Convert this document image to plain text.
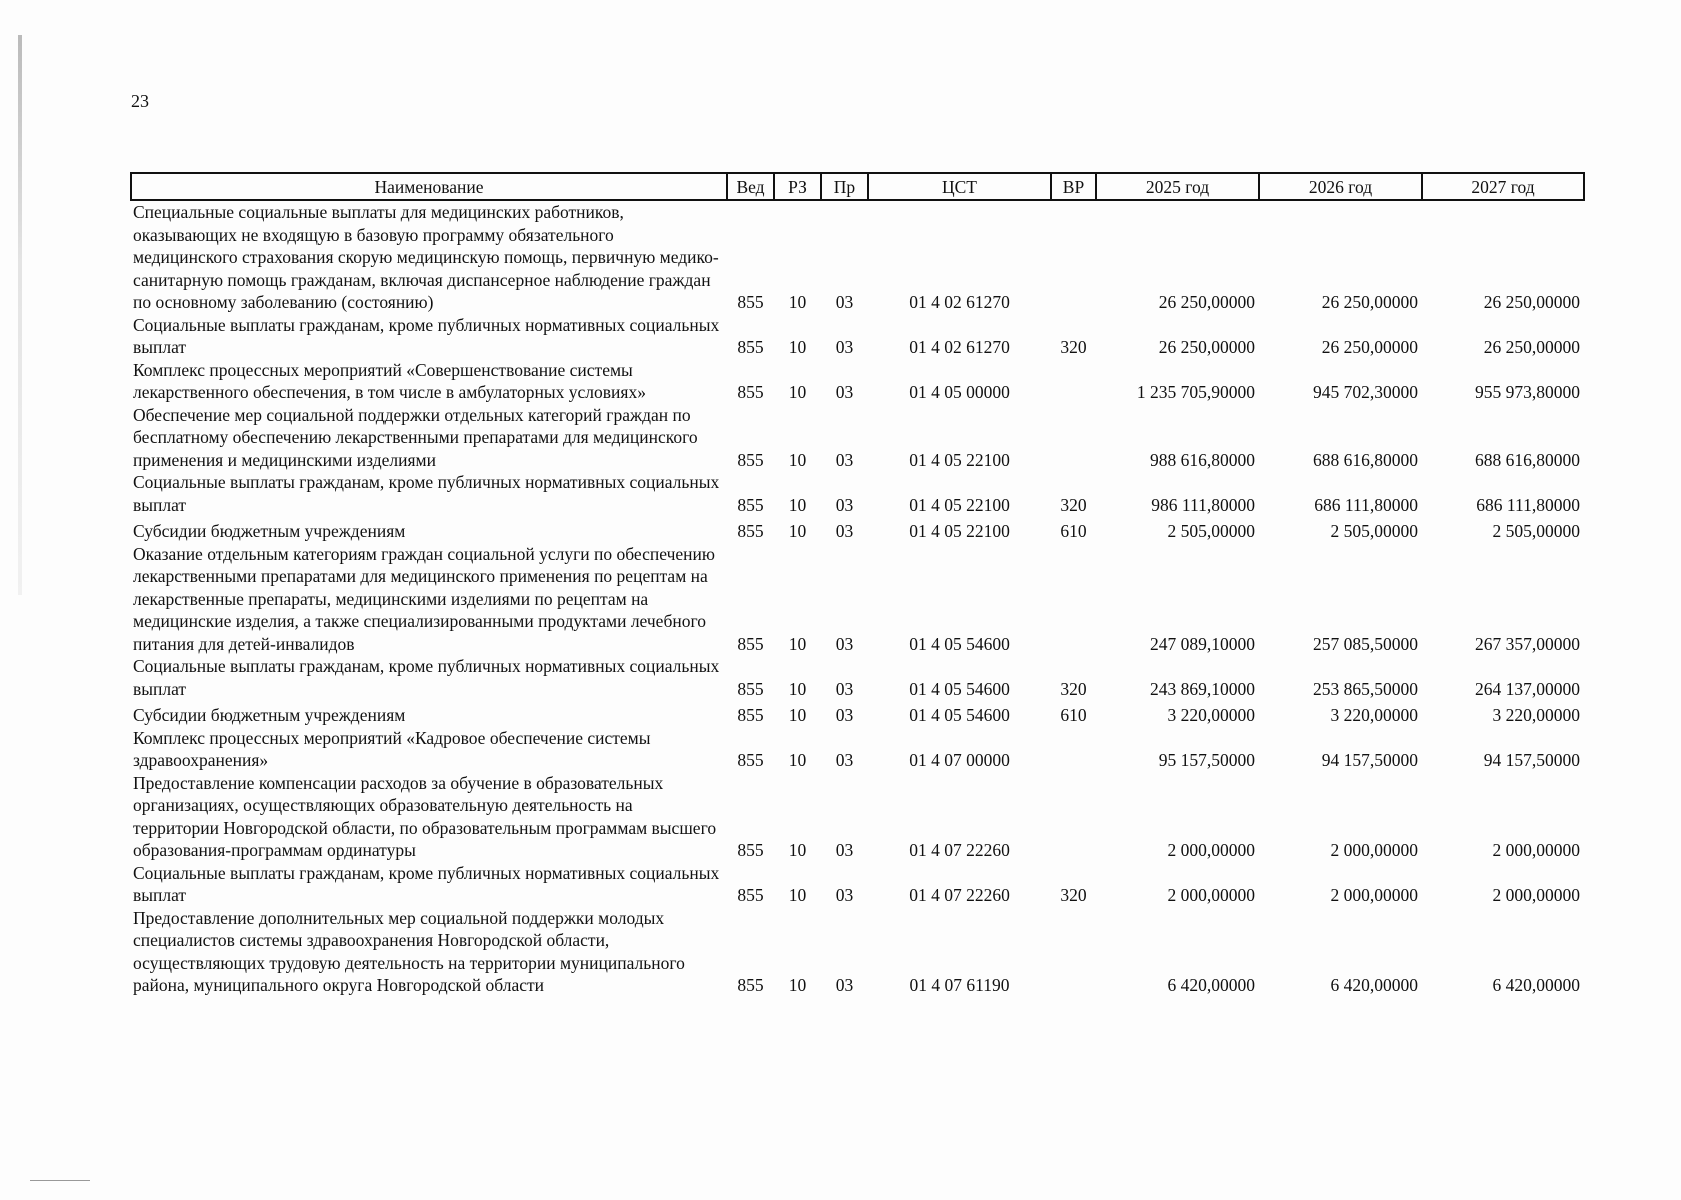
23
Наименование	Вед	РЗ	Пр	ЦСТ	ВР	2025 год	2026 год	2027 год
Специальные социальные выплаты для медицинских работников, оказывающих не входящую в базовую программу обязательного медицинского страхования скорую медицинскую помощь, первичную медико-санитарную помощь гражданам, включая диспансерное наблюдение граждан по основному заболеванию (состоянию)	855	10	03	01 4 02 61270		26 250,00000	26 250,00000	26 250,00000
Социальные выплаты гражданам, кроме публичных нормативных социальных выплат	855	10	03	01 4 02 61270	320	26 250,00000	26 250,00000	26 250,00000
Комплекс процессных мероприятий «Совершенствование системы лекарственного обеспечения, в том числе в амбулаторных условиях»	855	10	03	01 4 05 00000		1 235 705,90000	945 702,30000	955 973,80000
Обеспечение мер социальной поддержки отдельных категорий граждан по бесплатному обеспечению лекарственными препаратами для медицинского применения и медицинскими изделиями	855	10	03	01 4 05 22100		988 616,80000	688 616,80000	688 616,80000
Социальные выплаты гражданам, кроме публичных нормативных социальных выплат	855	10	03	01 4 05 22100	320	986 111,80000	686 111,80000	686 111,80000
Субсидии бюджетным учреждениям	855	10	03	01 4 05 22100	610	2 505,00000	2 505,00000	2 505,00000
Оказание отдельным категориям граждан социальной услуги по обеспечению лекарственными препаратами для медицинского применения по рецептам на лекарственные препараты, медицинскими изделиями по рецептам на медицинские изделия, а также специализированными продуктами лечебного питания для детей-инвалидов	855	10	03	01 4 05 54600		247 089,10000	257 085,50000	267 357,00000
Социальные выплаты гражданам, кроме публичных нормативных социальных выплат	855	10	03	01 4 05 54600	320	243 869,10000	253 865,50000	264 137,00000
Субсидии бюджетным учреждениям	855	10	03	01 4 05 54600	610	3 220,00000	3 220,00000	3 220,00000
Комплекс процессных мероприятий «Кадровое обеспечение системы здравоохранения»	855	10	03	01 4 07 00000		95 157,50000	94 157,50000	94 157,50000
Предоставление компенсации расходов за обучение в образовательных организациях, осуществляющих образовательную деятельность на территории Новгородской области, по образовательным программам высшего образования-программам ординатуры	855	10	03	01 4 07 22260		2 000,00000	2 000,00000	2 000,00000
Социальные выплаты гражданам, кроме публичных нормативных социальных выплат	855	10	03	01 4 07 22260	320	2 000,00000	2 000,00000	2 000,00000
Предоставление дополнительных мер социальной поддержки молодых специалистов системы здравоохранения Новгородской области, осуществляющих трудовую деятельность на территории муниципального района, муниципального округа Новгородской области	855	10	03	01 4 07 61190		6 420,00000	6 420,00000	6 420,00000
